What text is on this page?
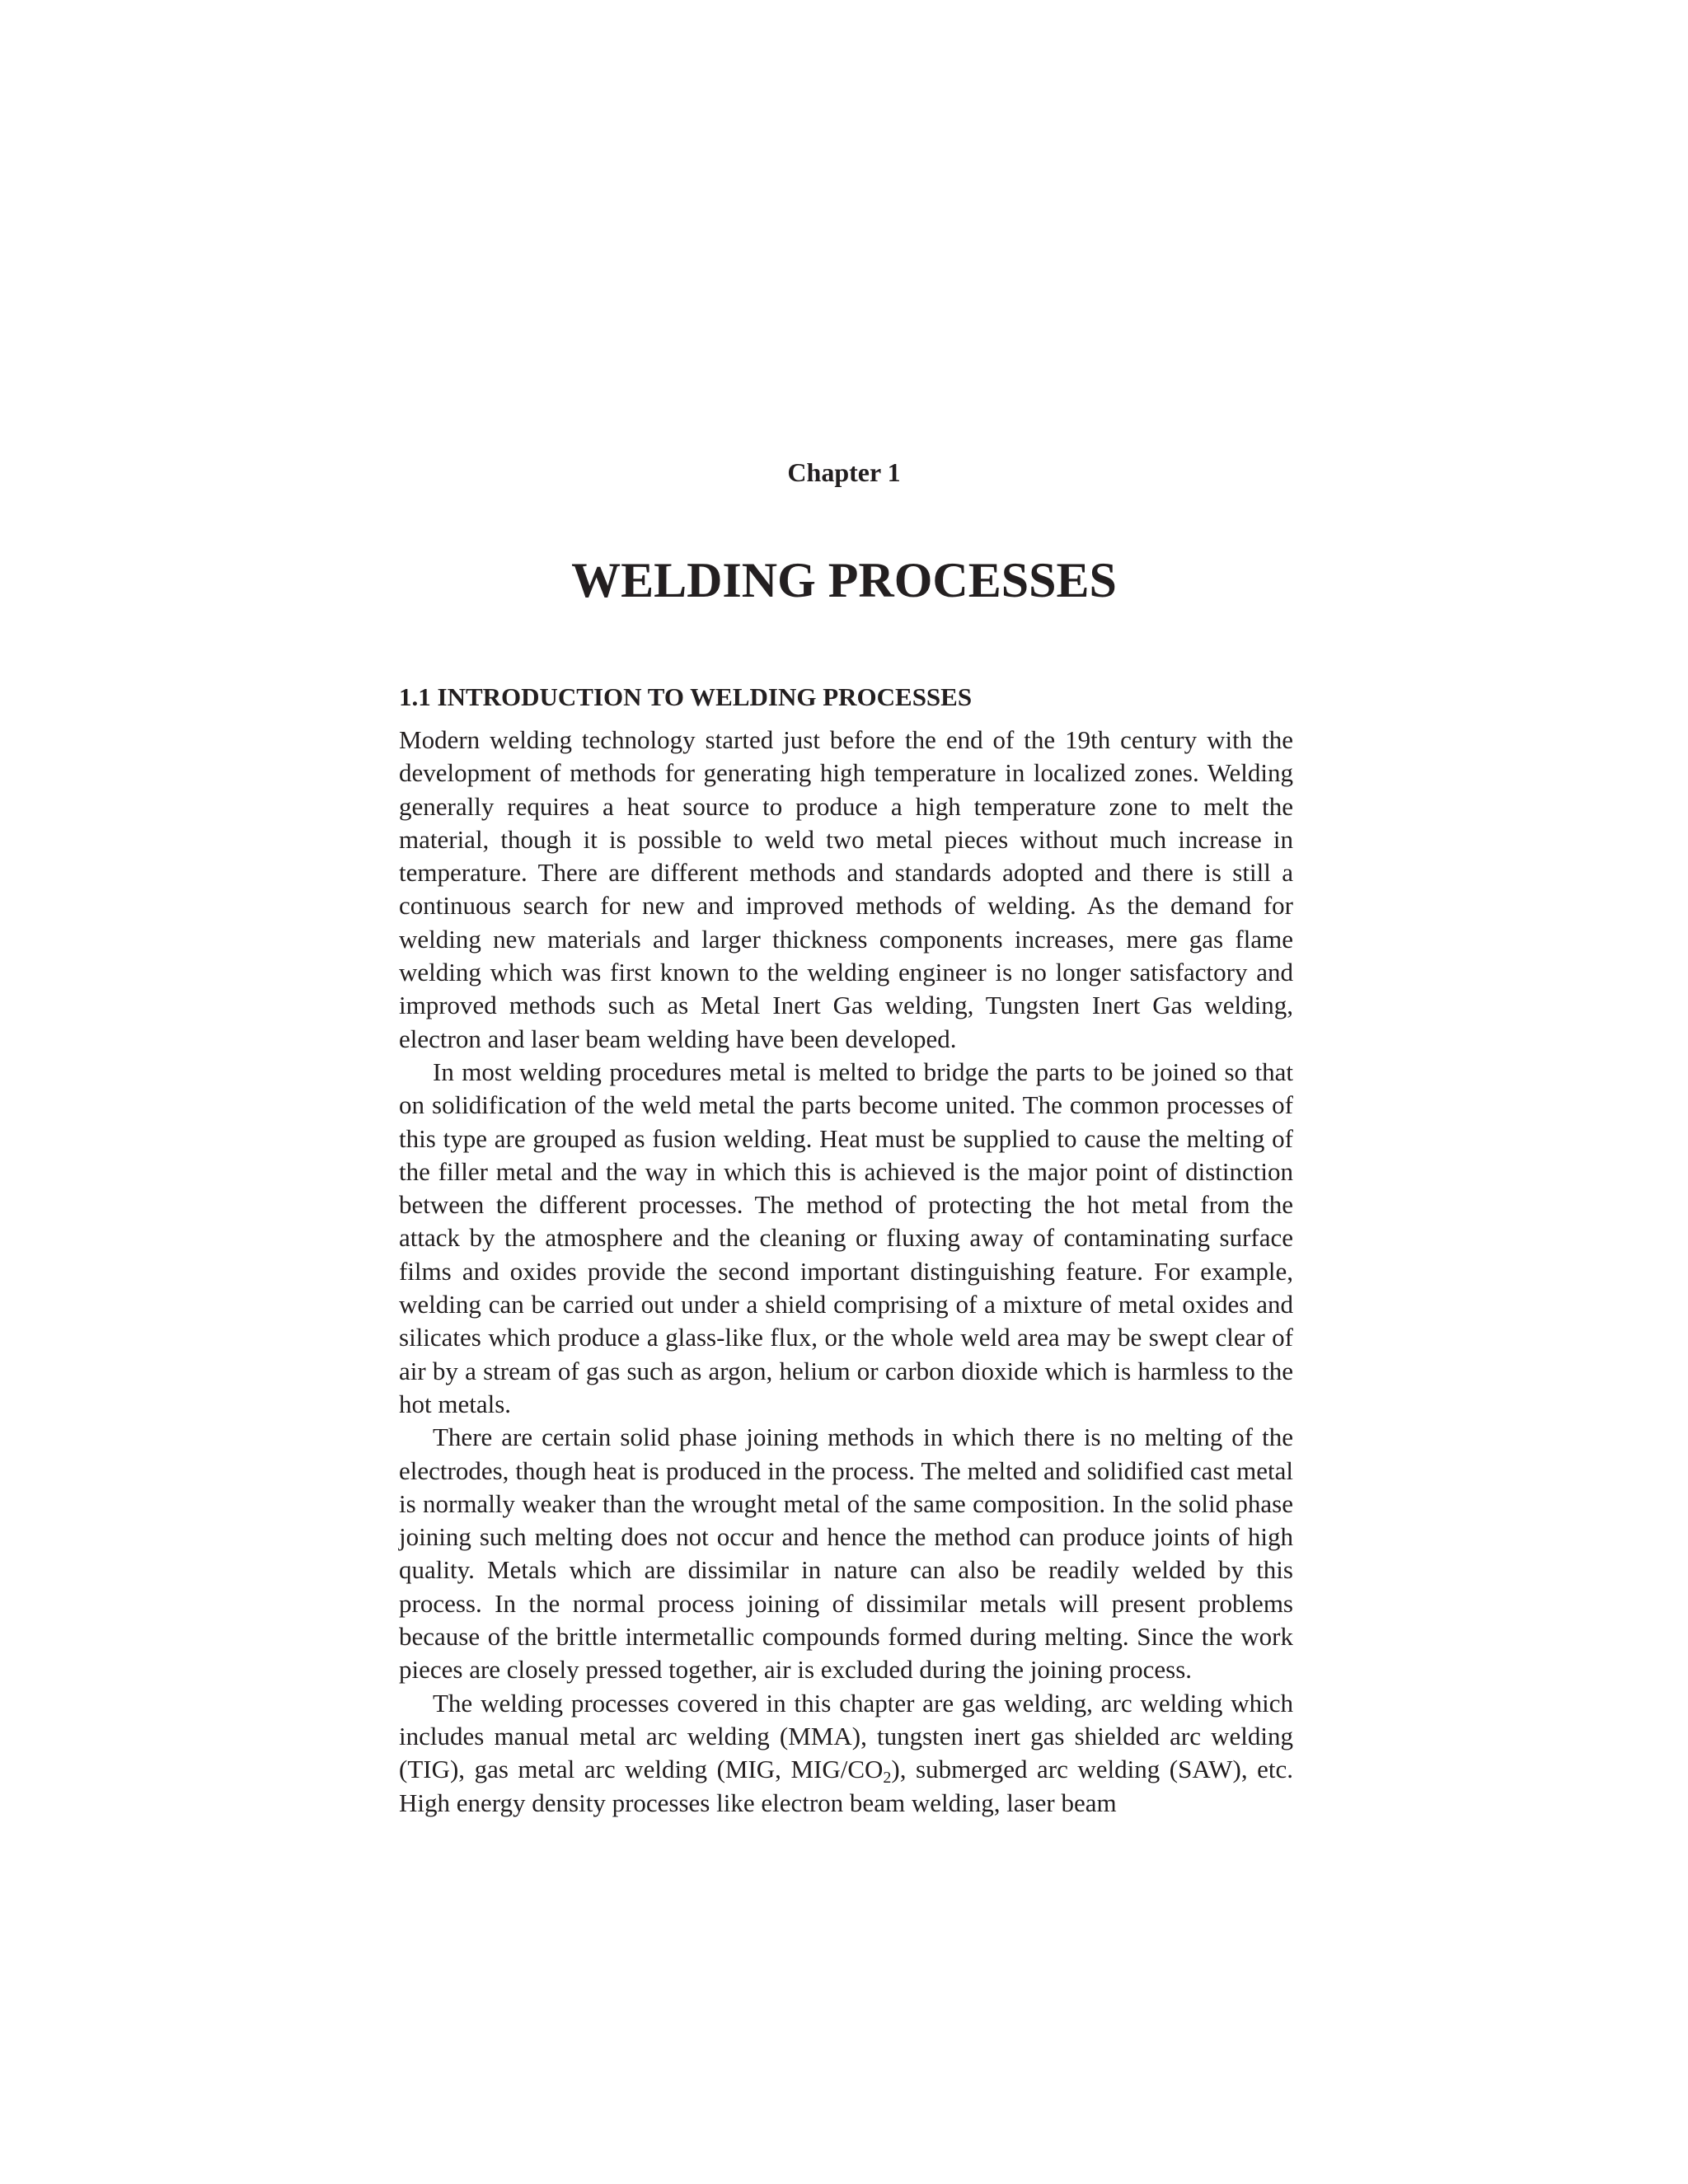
Chapter 1
WELDING PROCESSES
1.1 INTRODUCTION TO WELDING PROCESSES

Modern welding technology started just before the end of the 19th century with the development of methods for generating high temperature in localized zones. Welding generally requires a heat source to produce a high temperature zone to melt the material, though it is possible to weld two metal pieces without much increase in temperature. There are different methods and standards adopted and there is still a continuous search for new and improved methods of welding. As the demand for welding new materials and larger thickness components increases, mere gas flame welding which was first known to the welding engineer is no longer satisfactory and improved methods such as Metal Inert Gas welding, Tungsten Inert Gas welding, electron and laser beam welding have been developed.

In most welding procedures metal is melted to bridge the parts to be joined so that on solidification of the weld metal the parts become united. The common processes of this type are grouped as fusion welding. Heat must be supplied to cause the melting of the filler metal and the way in which this is achieved is the major point of distinction between the different processes. The method of protecting the hot metal from the attack by the atmosphere and the cleaning or fluxing away of contaminating surface films and oxides provide the second important distinguishing feature. For example, welding can be carried out under a shield comprising of a mixture of metal oxides and silicates which produce a glass-like flux, or the whole weld area may be swept clear of air by a stream of gas such as argon, helium or carbon dioxide which is harmless to the hot metals.

There are certain solid phase joining methods in which there is no melting of the electrodes, though heat is produced in the process. The melted and solidified cast metal is normally weaker than the wrought metal of the same composition. In the solid phase joining such melting does not occur and hence the method can produce joints of high quality. Metals which are dissimilar in nature can also be readily welded by this process. In the normal process joining of dissimilar metals will present problems because of the brittle intermetallic compounds formed during melting. Since the work pieces are closely pressed together, air is excluded during the joining process.

The welding processes covered in this chapter are gas welding, arc welding which includes manual metal arc welding (MMA), tungsten inert gas shielded arc welding (TIG), gas metal arc welding (MIG, MIG/$CO_2$), submerged arc welding (SAW), etc. High energy density processes like electron beam welding, laser beam
